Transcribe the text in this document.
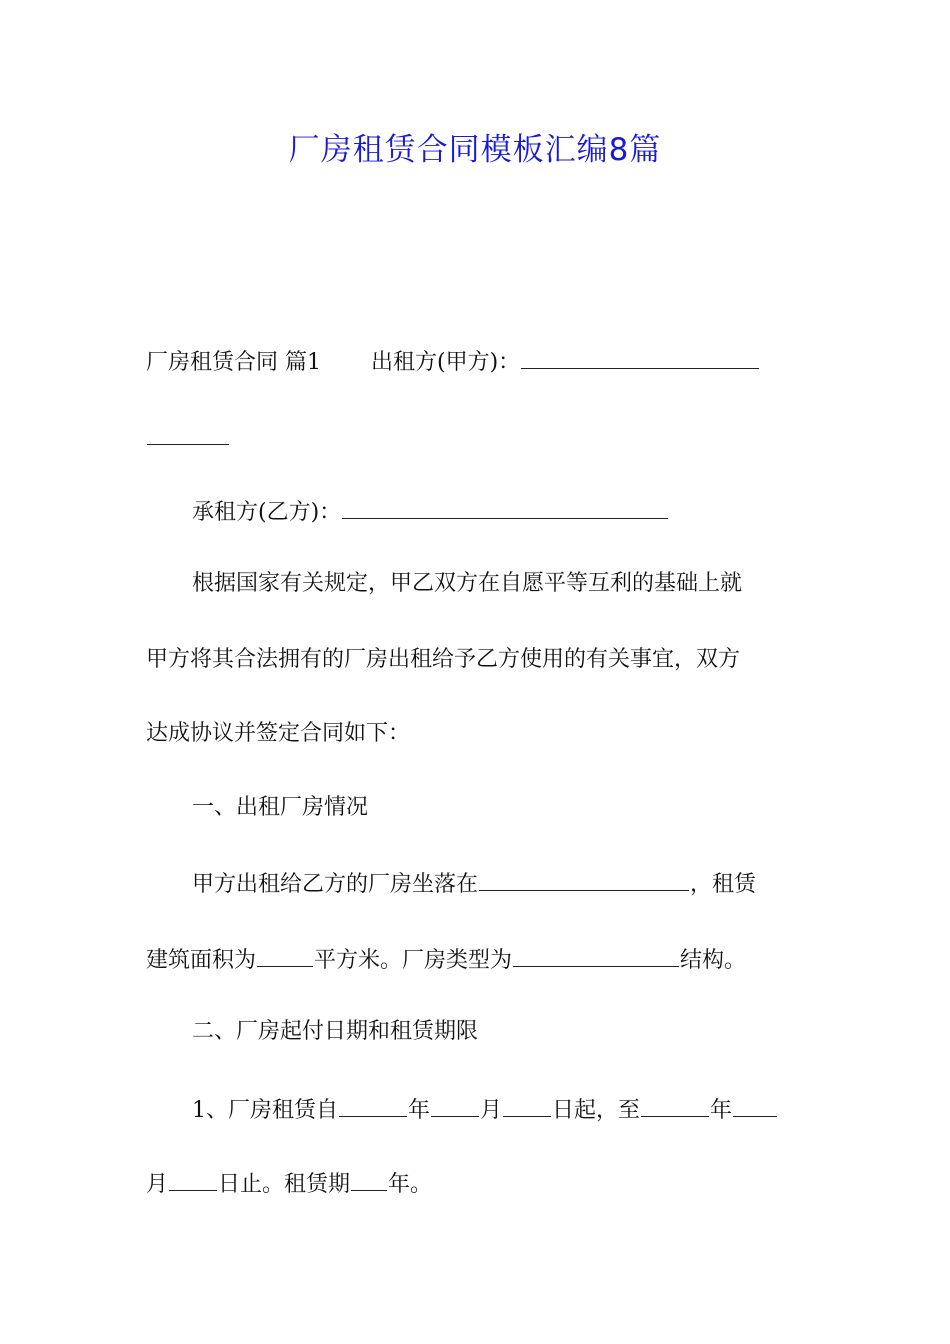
厂房租赁合同模板汇编8篇
厂房租赁合同 篇1 出租方(甲方)：
承租方(乙方)：
根据国家有关规定，甲乙双方在自愿平等互利的基础上就
甲方将其合法拥有的厂房出租给予乙方使用的有关事宜，双方
达成协议并签定合同如下：
一、出租厂房情况
甲方出租给乙方的厂房坐落在	，租赁
建筑面积为	平方米。厂房类型为	结构。
二、厂房起付日期和租赁期限
1、厂房租赁自	年 月 日起，至	年
月 日止。租赁期 年。
